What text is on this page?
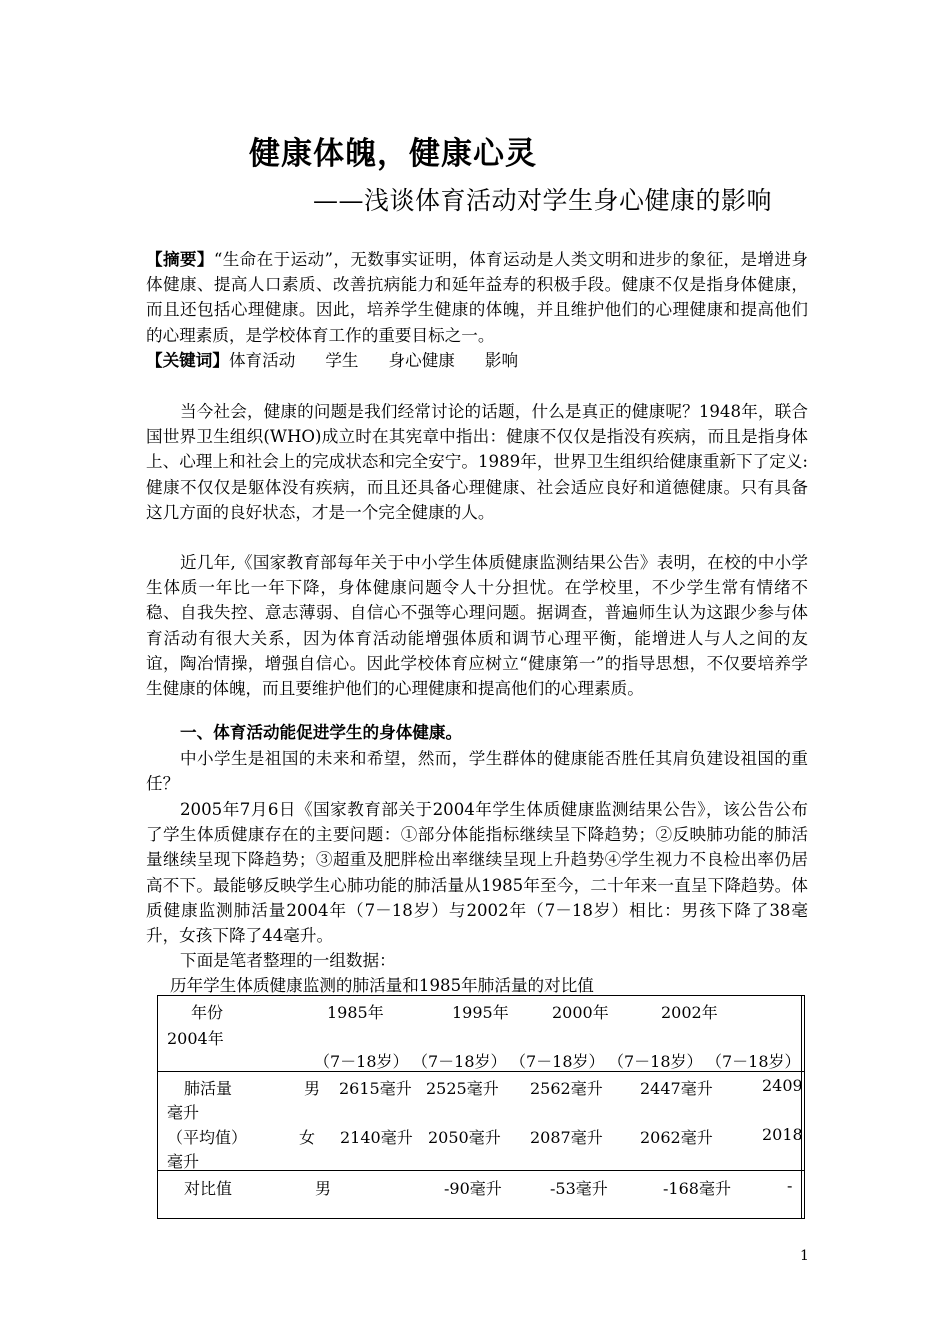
健康体魄，健康心灵
——浅谈体育活动对学生身心健康的影响
【摘要】“生命在于运动”，无数事实证明，体育运动是人类文明和进步的象征，是增进身体健康、提高人口素质、改善抗病能力和延年益寿的积极手段。健康不仅是指身体健康，而且还包括心理健康。因此，培养学生健康的体魄，并且维护他们的心理健康和提高他们的心理素质，是学校体育工作的重要目标之一。
【关键词】体育活动 学生 身心健康 影响
当今社会，健康的问题是我们经常讨论的话题，什么是真正的健康呢？1948年，联合国世界卫生组织(WHO)成立时在其宪章中指出：健康不仅仅是指没有疾病，而且是指身体上、心理上和社会上的完成状态和完全安宁。1989年，世界卫生组织给健康重新下了定义:健康不仅仅是躯体没有疾病，而且还具备心理健康、社会适应良好和道德健康。只有具备这几方面的良好状态，才是一个完全健康的人。
近几年,《国家教育部每年关于中小学生体质健康监测结果公告》表明，在校的中小学生体质一年比一年下降，身体健康问题令人十分担忧。在学校里，不少学生常有情绪不稳、自我失控、意志薄弱、自信心不强等心理问题。据调查，普遍师生认为这跟少参与体育活动有很大关系，因为体育活动能增强体质和调节心理平衡，能增进人与人之间的友谊，陶冶情操，增强自信心。因此学校体育应树立“健康第一”的指导思想，不仅要培养学生健康的体魄，而且要维护他们的心理健康和提高他们的心理素质。
一、体育活动能促进学生的身体健康。
中小学生是祖国的未来和希望，然而，学生群体的健康能否胜任其肩负建设祖国的重任？
2005年7月6日《国家教育部关于2004年学生体质健康监测结果公告》，该公告公布了学生体质健康存在的主要问题：①部分体能指标继续呈下降趋势；②反映肺功能的肺活量继续呈现下降趋势；③超重及肥胖检出率继续呈现上升趋势④学生视力不良检出率仍居高不下。最能够反映学生心肺功能的肺活量从1985年至今，二十年来一直呈下降趋势。体质健康监测肺活量2004年（7－18岁）与2002年（7－18岁）相比：男孩下降了38毫升，女孩下降了44毫升。
下面是笔者整理的一组数据：
历年学生体质健康监测的肺活量和1985年肺活量的对比值
年份	1985年	1995年	2000年	2002年
2004年
（7－18岁） （7－18岁） （7－18岁） （7－18岁） （7－18岁）
肺活量	男 2615毫升 2525毫升 2562毫升 2447毫升	2409
毫升
（平均值）	女 2140毫升 2050毫升 2087毫升 2062毫升	2018
毫升
对比值	男	-90毫升	-53毫升	-168毫升	-
1
